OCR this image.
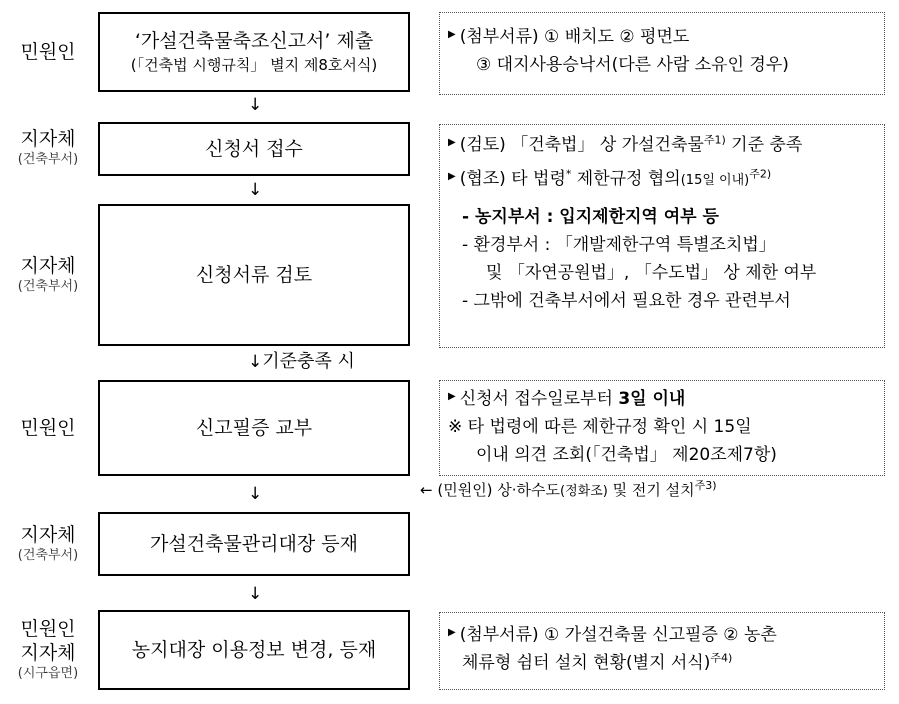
민원인	‘가설건축물축조신고서’ 제출
(「건축법 시행규칙」 별지 제8호서식)
▶ (첨부서류) ① 배치도 ② 평면도
③ 대지사용승낙서(다른 사람 소유인 경우)
↓
지자체
(건축부서)	신청서 접수
↓
지자체
(건축부서)
신청서류 검토
▶ (검토) 「건축법」 상 가설건축물$^{주1)}$ 기준 충족
▶ (협조) 타 법령* 제한규정 협의(15일 이내)$^{주2)}$
- 농지부서 : 입지제한지역 여부 등
- 환경부서 : 「개발제한구역 특별조치법」
및 「자연공원법」, 「수도법」 상 제한 여부
- 그밖에 건축부서에서 필요한 경우 관련부서
↓기준충족 시
민원인	신고필증 교부
▶ 신청서 접수일로부터 3일 이내
※ 타 법령에 따른 제한규정 확인 시 15일
이내 의견 조회(「건축법」 제20조제7항)
↓	← (민원인) 상·하수도(정화조) 및 전기 설치$^{주3)}$
지자체
(건축부서)
가설건축물관리대장 등재
↓
민원인
지자체
(시구읍면)
농지대장 이용정보 변경, 등재
▶ (첨부서류) ① 가설건축물 신고필증 ② 농촌
체류형 쉼터 설치 현황(별지 서식)$^{주4)}$
